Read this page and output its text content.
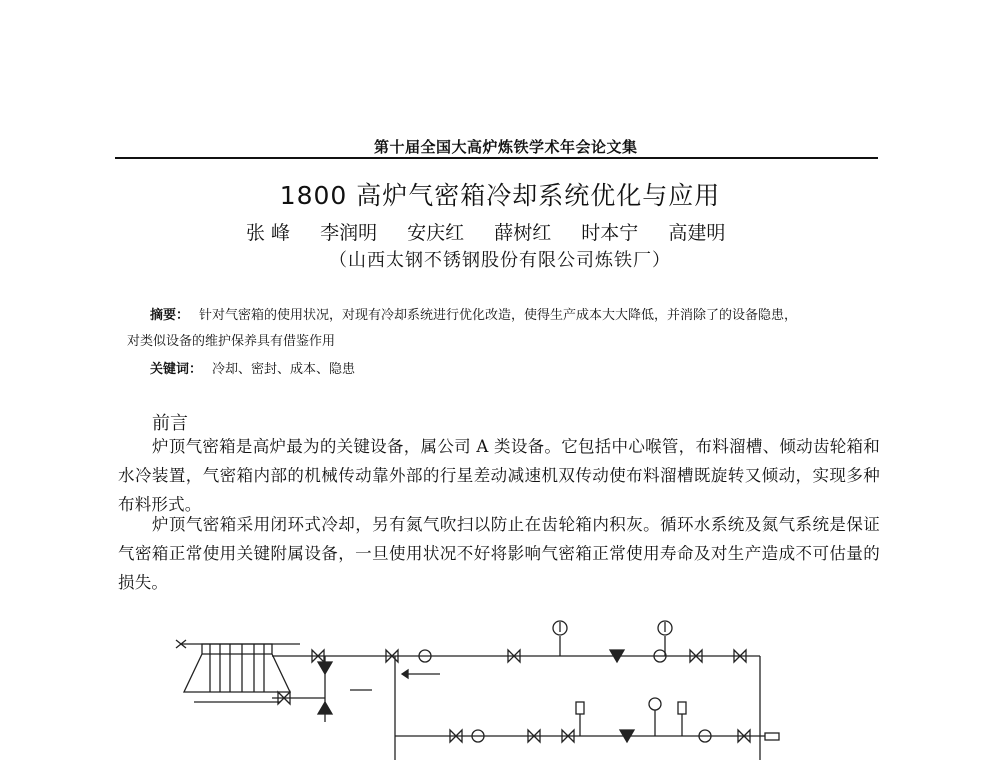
第十届全国大高炉炼铁学术年会论文集
1800 高炉气密箱冷却系统优化与应用
张 峰 李润明 安庆红 薛树红 时本宁 高建明
（山西太钢不锈钢股份有限公司炼铁厂）
摘要： 针对气密箱的使用状况，对现有冷却系统进行优化改造，使得生产成本大大降低，并消除了的设备隐患，
对类似设备的维护保养具有借鉴作用
关键词： 冷却、密封、成本、隐患
前言
炉顶气密箱是高炉最为的关键设备，属公司 A 类设备。它包括中心喉管，布料溜槽、倾动齿轮箱和水冷装置，气密箱内部的机械传动靠外部的行星差动减速机双传动使布料溜槽既旋转又倾动，实现多种布料形式。
炉顶气密箱采用闭环式冷却，另有氮气吹扫以防止在齿轮箱内积灰。循环水系统及氮气系统是保证气密箱正常使用关键附属设备，一旦使用状况不好将影响气密箱正常使用寿命及对生产造成不可估量的损失。
